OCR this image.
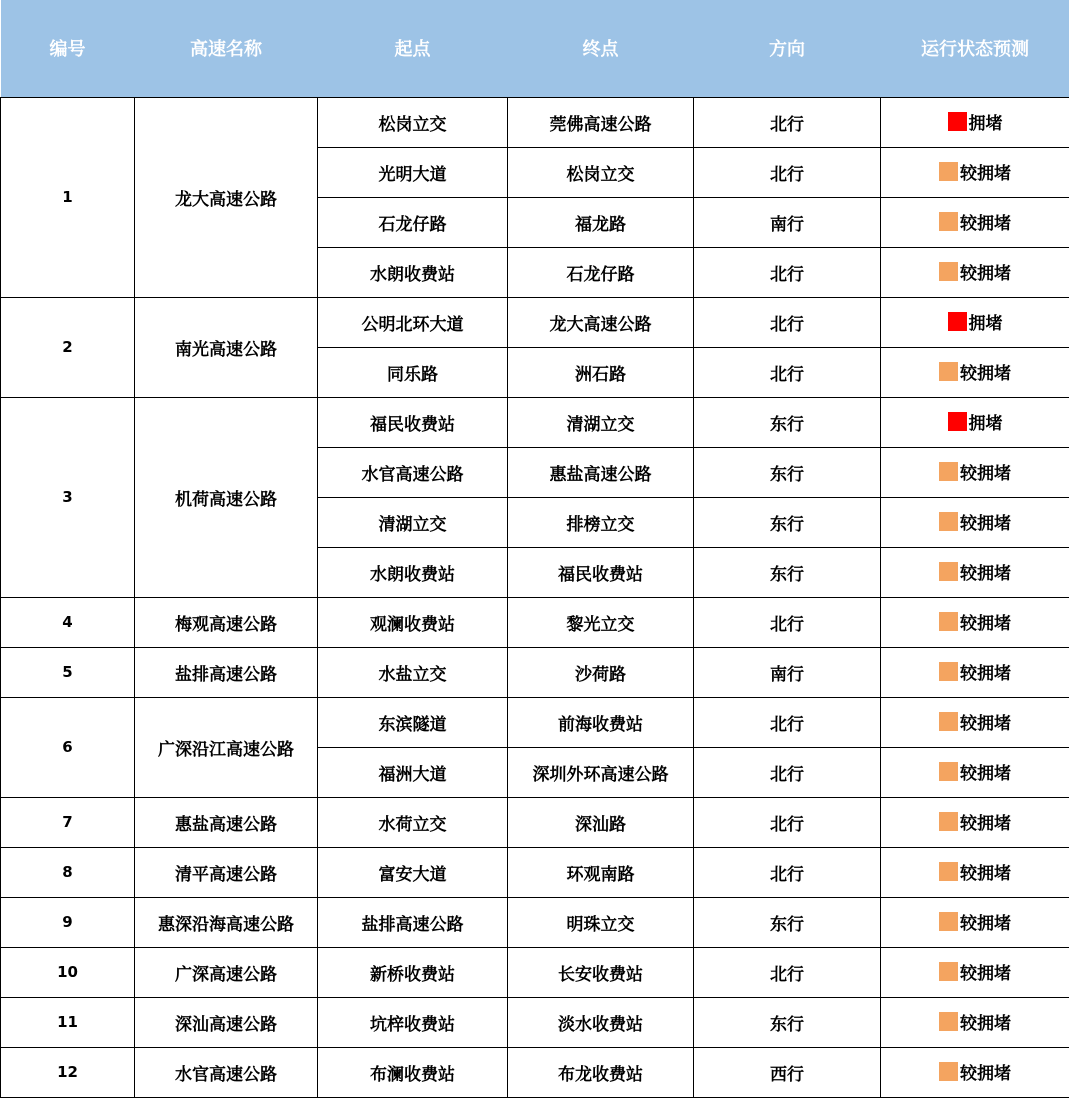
编号	高速名称	起点	终点	方向	运行状态预测
1	龙大高速公路	松岗立交	莞佛高速公路	北行	拥堵

		光明大道	松岗立交	北行	较拥堵

		石龙仔路	福龙路	南行	较拥堵

		水朗收费站	石龙仔路	北行	较拥堵

2	南光高速公路	公明北环大道	龙大高速公路	北行	拥堵

		同乐路	洲石路	北行	较拥堵

3	机荷高速公路	福民收费站	清湖立交	东行	拥堵

		水官高速公路	惠盐高速公路	东行	较拥堵

		清湖立交	排榜立交	东行	较拥堵

		水朗收费站	福民收费站	东行	较拥堵

4	梅观高速公路	观澜收费站	黎光立交	北行	较拥堵

5	盐排高速公路	水盐立交	沙荷路	南行	较拥堵

6	广深沿江高速公路	东滨隧道	前海收费站	北行	较拥堵

		福洲大道	深圳外环高速公路	北行	较拥堵

7	惠盐高速公路	水荷立交	深汕路	北行	较拥堵

8	清平高速公路	富安大道	环观南路	北行	较拥堵

9	惠深沿海高速公路	盐排高速公路	明珠立交	东行	较拥堵

10	广深高速公路	新桥收费站	长安收费站	北行	较拥堵

11	深汕高速公路	坑梓收费站	淡水收费站	东行	较拥堵

12	水官高速公路	布澜收费站	布龙收费站	西行	较拥堵
